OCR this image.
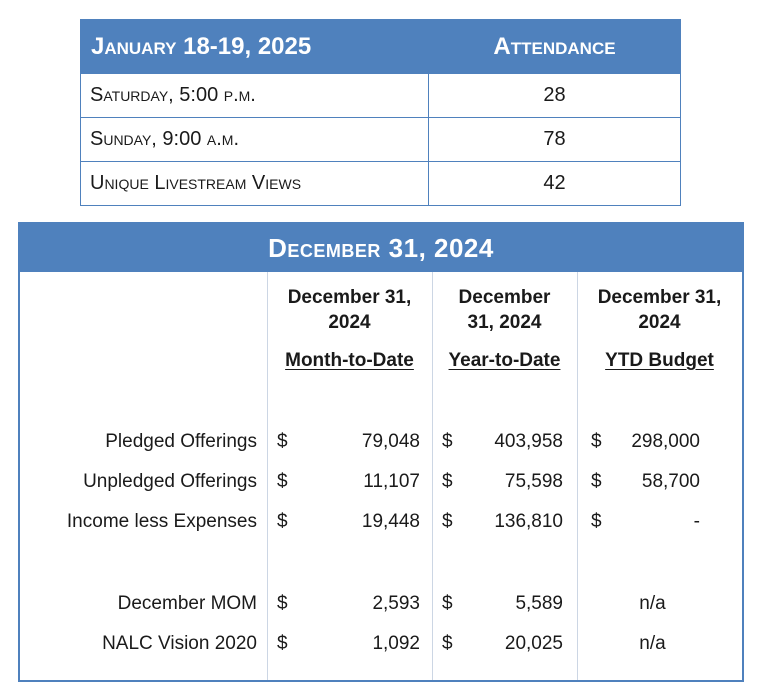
January 18-19, 2025	Attendance
Saturday, 5:00 p.m.	28
Sunday, 9:00 a.m.	78
Unique Livestream Views	42
December 31, 2024
December 31, 2024
December 31, 2024
December 31, 2024
Month-to-Date	Year-to-Date	YTD Budget
Pledged Offerings	$	79,048 $ 403,958 $ 298,000
Unpledged Offerings	$	11,107 $	75,598 $ 58,700
Income less Expenses	$	19,448 $ 136,810 $	-
December MOM	$	2,593 $	5,589	n/a
NALC Vision 2020	$	1,092 $	20,025	n/a
